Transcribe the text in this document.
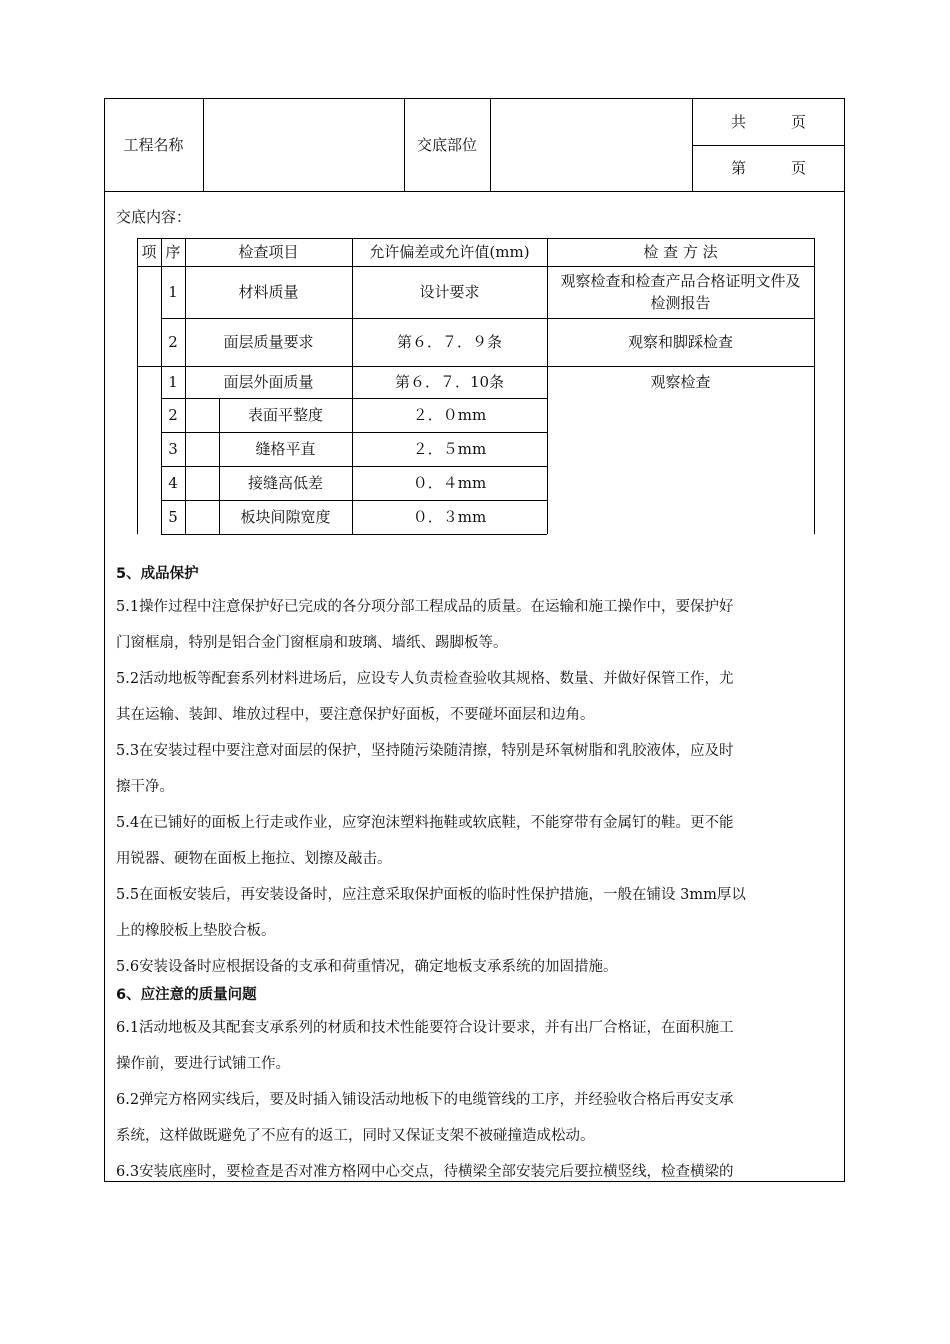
工程名称	交底部位
共　　　页
第　　　页
交底内容：
项 序	检查项目	允许偏差或允许值(mm)	检 查 方 法
1	材料质量	设计要求
观察检查和检查产品合格证明文件及
检测报告
2	面层质量要求	第６．７．９条	观察和脚踩检查
1	面层外面质量	第６．７．10条	观察检查
2	表面平整度	２．０mm
3	缝格平直	２．５mm
4	接缝高低差	０．４mm
5	板块间隙宽度	０．３mm
5、成品保护
5.1操作过程中注意保护好已完成的各分项分部工程成品的质量。在运输和施工操作中，要保护好
门窗框扇，特别是铝合金门窗框扇和玻璃、墙纸、踢脚板等。
5.2活动地板等配套系列材料进场后，应设专人负责检查验收其规格、数量、并做好保管工作，尤
其在运输、装卸、堆放过程中，要注意保护好面板，不要碰坏面层和边角。
5.3在安装过程中要注意对面层的保护，坚持随污染随清擦，特别是环氧树脂和乳胶液体，应及时
擦干净。
5.4在已铺好的面板上行走或作业，应穿泡沫塑料拖鞋或软底鞋，不能穿带有金属钉的鞋。更不能
用锐器、硬物在面板上拖拉、划擦及敲击。
5.5在面板安装后，再安装设备时，应注意采取保护面板的临时性保护措施，一般在铺设 3mm厚以
上的橡胶板上垫胶合板。
5.6安装设备时应根据设备的支承和荷重情况，确定地板支承系统的加固措施。
6、应注意的质量问题
6.1活动地板及其配套支承系列的材质和技术性能要符合设计要求，并有出厂合格证，在面积施工
操作前，要进行试铺工作。
6.2弹完方格网实线后，要及时插入铺设活动地板下的电缆管线的工序，并经验收合格后再安支承
系统，这样做既避免了不应有的返工，同时又保证支架不被碰撞造成松动。
6.3安装底座时，要检查是否对准方格网中心交点，待横梁全部安装完后要拉横竖线，检查横梁的
